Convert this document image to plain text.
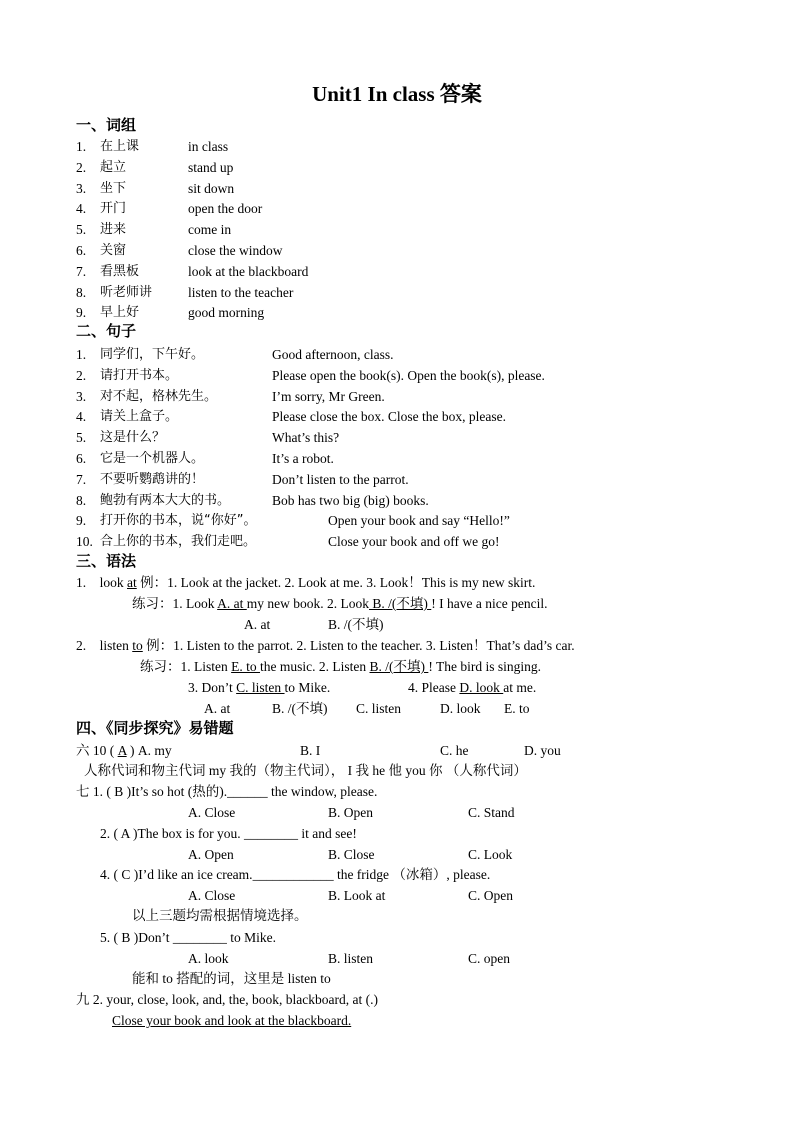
Unit1 In class 答案
一、词组
1. 在上课	in class
2. 起立	stand up
3. 坐下	sit down
4. 开门	open the door
5. 进来	come in
6. 关窗	close the window
7. 看黑板	look at the blackboard
8. 听老师讲	listen to the teacher
9. 早上好	good morning
二、句子
1. 同学们，下午好。	Good afternoon, class.
2. 请打开书本。	Please open the book(s). Open the book(s), please.
3. 对不起，格林先生。	I’m sorry, Mr Green.
4. 请关上盒子。	Please close the box. Close the box, please.
5. 这是什么？	What’s this?
6. 它是一个机器人。	It’s a robot.
7. 不要听鹦鹉讲的！	Don’t listen to the parrot.
8. 鲍勃有两本大大的书。	Bob has two big (big) books.
9. 打开你的书本，说“你好”。	Open your book and say “Hello!”
10. 合上你的书本，我们走吧。	Close your book and off we go!
三、语法
1. look at 例：1. Look at the jacket. 2. Look at me. 3. Look！This is my new skirt.
练习：1. Look A. at my new book. 2. Look B. /(不填) ! I have a nice pencil.
A. at	B. /(不填)
2. listen to 例：1. Listen to the parrot. 2. Listen to the teacher. 3. Listen！That’s dad’s car.
练习：1. Listen E. to the music. 2. Listen B. /(不填) ! The bird is singing.
3. Don’t C. listen to Mike.	4. Please D. look at me.
A. at	B. /(不填) C. listen	D. look E. to
四、《同步探究》易错题
六 10 ( A ) A. my	B. I	C. he	D. you
人称代词和物主代词 my 我的（物主代词）， I 我 he 他 you 你 （人称代词）
七 1. ( B )It’s so hot (热的).______ the window, please.
A. Close	B. Open	C. Stand
2. ( A )The box is for you. ________ it and see!
A. Open	B. Close	C. Look
4. ( C )I’d like an ice cream.____________ the fridge （冰箱）, please.
A. Close	B. Look at	C. Open
以上三题均需根据情境选择。
5. ( B )Don’t ________ to Mike.
A. look	B. listen	C. open
能和 to 搭配的词，这里是 listen to
九 2. your, close, look, and, the, book, blackboard, at (.)
Close your book and look at the blackboard.
